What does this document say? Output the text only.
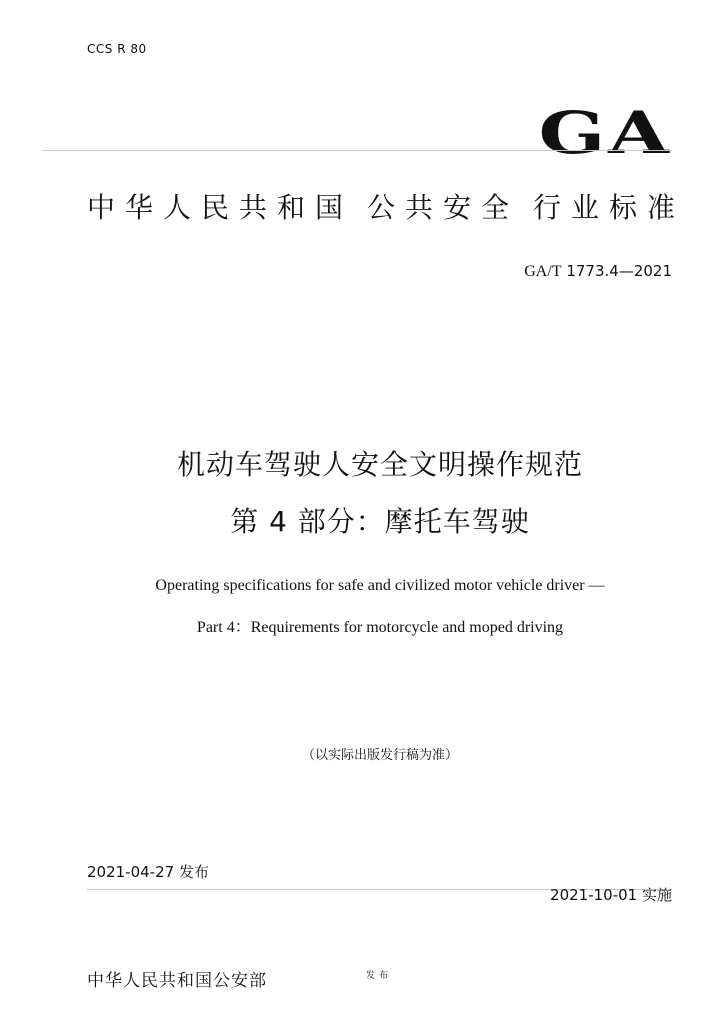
CCS R 80
GA
中华人民共和国 公共安全 行业标准
GA/T 1773.4—2021
机动车驾驶人安全文明操作规范
第 4 部分：摩托车驾驶
Operating specifications for safe and civilized motor vehicle driver —
Part 4：Requirements for motorcycle and moped driving
（以实际出版发行稿为准）
2021-04-27 发布
2021-10-01 实施
中华人民共和国公安部	发布
